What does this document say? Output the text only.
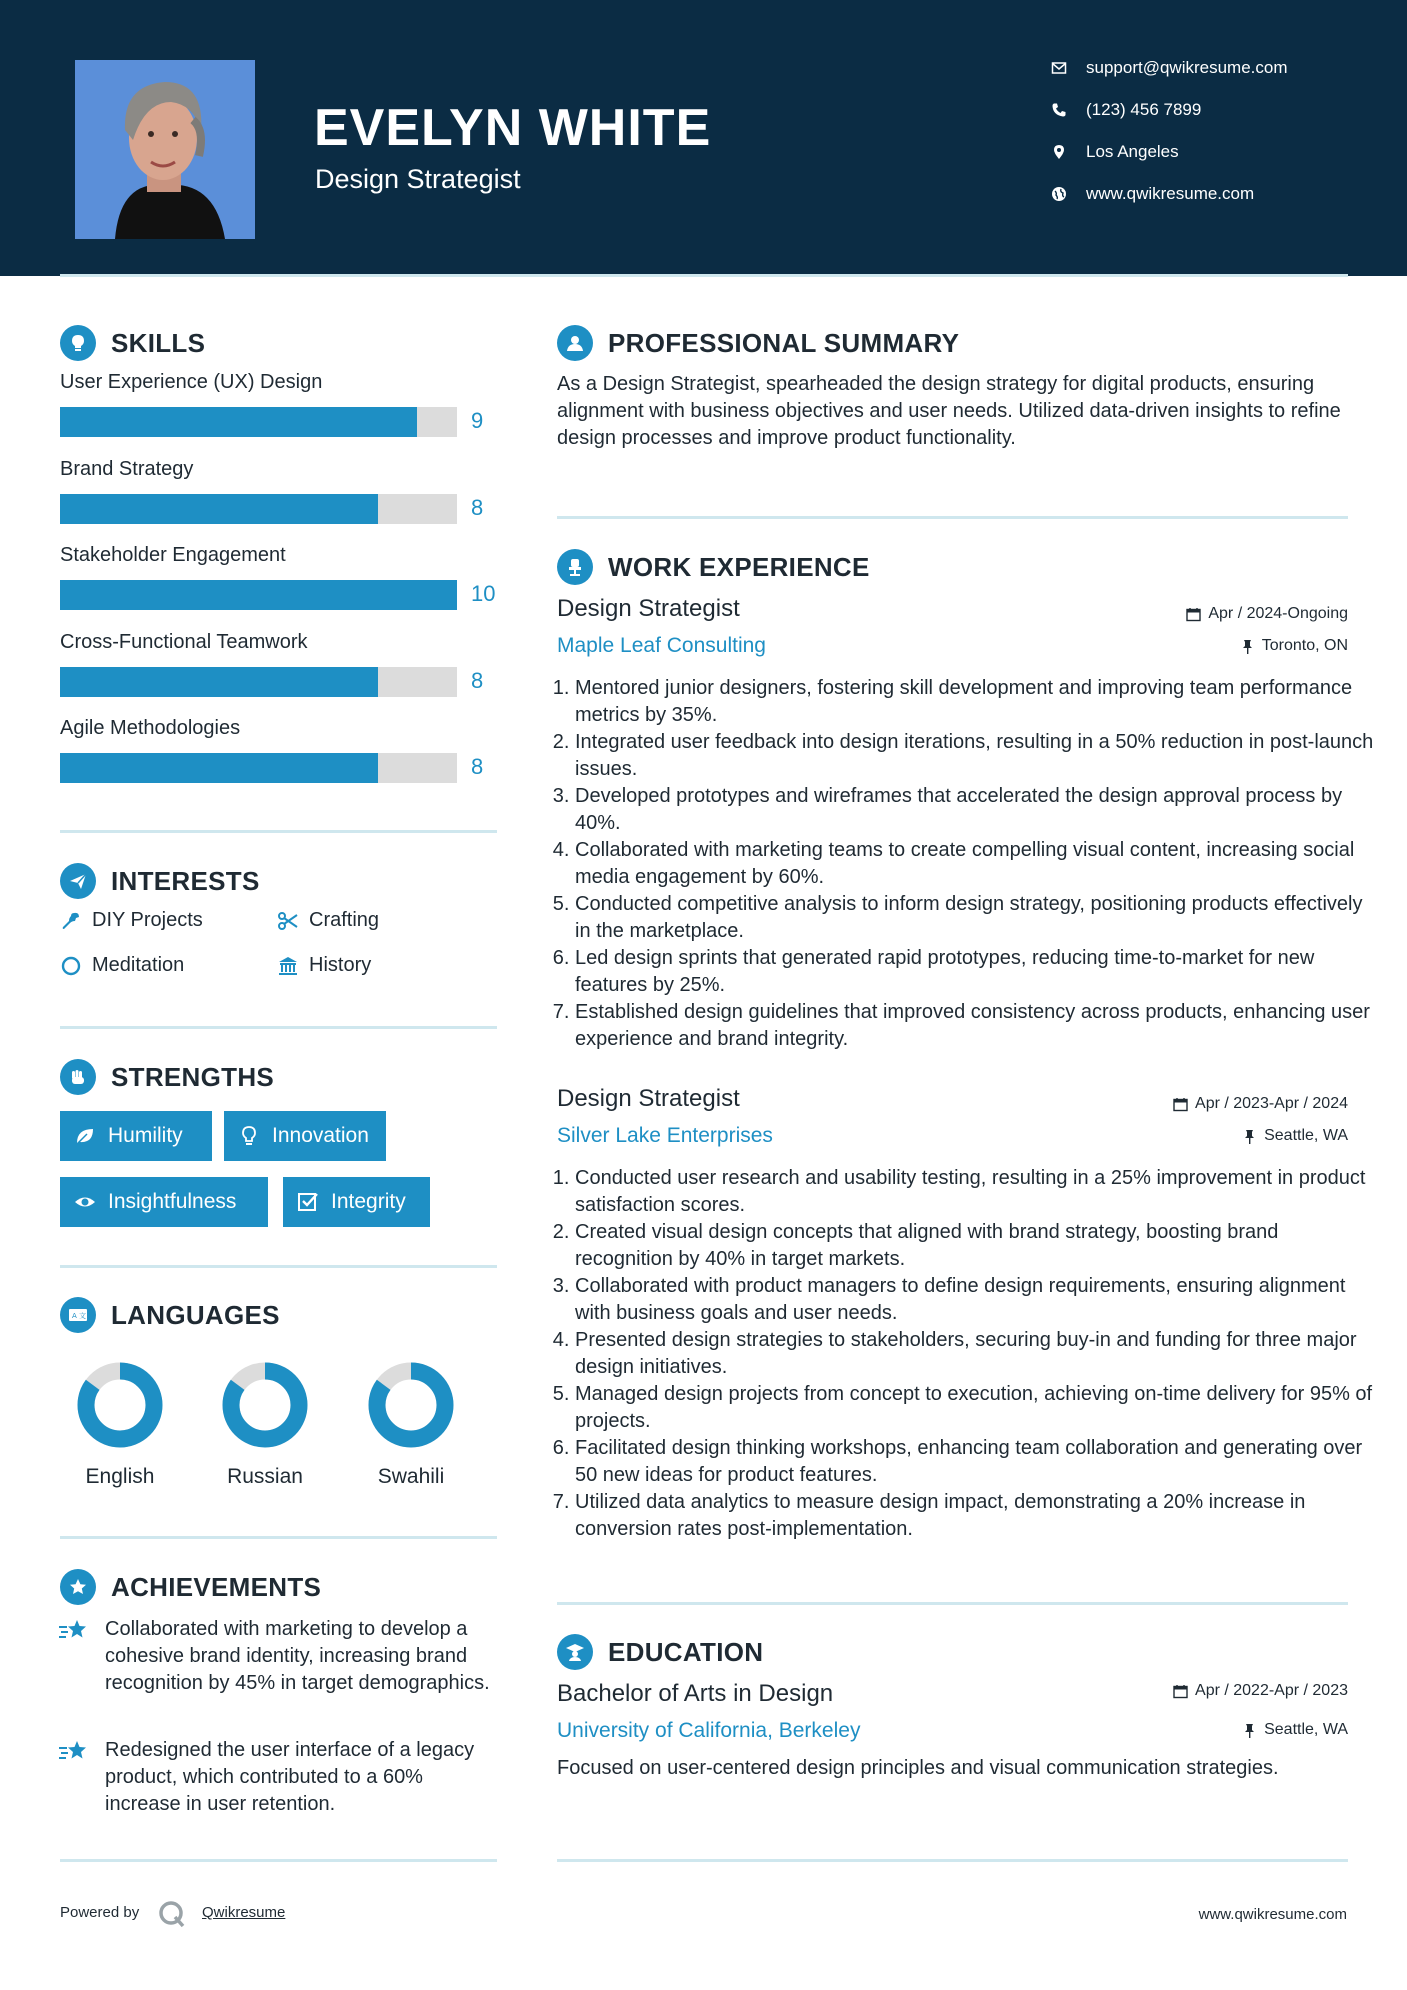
EVELYN WHITE
Design Strategist
support@qwikresume.com
(123) 456 7899
Los Angeles
www.qwikresume.com
SKILLS
User Experience (UX) Design
9
Brand Strategy
8
Stakeholder Engagement
10
Cross-Functional Teamwork
8
Agile Methodologies
8
INTERESTS
DIY Projects	Crafting
Meditation	History
STRENGTHS
Humility	Innovation
Insightfulness	Integrity
A 文 LANGUAGES
English	Russian	Swahili
ACHIEVEMENTS
Collaborated with marketing to develop a cohesive brand identity, increasing brand recognition by 45% in target demographics.
Redesigned the user interface of a legacy product, which contributed to a 60% increase in user retention.
PROFESSIONAL SUMMARY
As a Design Strategist, spearheaded the design strategy for digital products, ensuring alignment with business objectives and user needs. Utilized data-driven insights to refine design processes and improve product functionality.
WORK EXPERIENCE
Design Strategist	Apr / 2024-Ongoing
Maple Leaf Consulting	Toronto, ON
1. Mentored junior designers, fostering skill development and improving team performance metrics by 35%.
2. Integrated user feedback into design iterations, resulting in a 50% reduction in post-launch issues.
3. Developed prototypes and wireframes that accelerated the design approval process by 40%.
4. Collaborated with marketing teams to create compelling visual content, increasing social media engagement by 60%.
5. Conducted competitive analysis to inform design strategy, positioning products effectively in the marketplace.
6. Led design sprints that generated rapid prototypes, reducing time-to-market for new features by 25%.
7. Established design guidelines that improved consistency across products, enhancing user experience and brand integrity.
Design Strategist	Apr / 2023-Apr / 2024
Silver Lake Enterprises	Seattle, WA
1. Conducted user research and usability testing, resulting in a 25% improvement in product satisfaction scores.
2. Created visual design concepts that aligned with brand strategy, boosting brand recognition by 40% in target markets.
3. Collaborated with product managers to define design requirements, ensuring alignment with business goals and user needs.
4. Presented design strategies to stakeholders, securing buy-in and funding for three major design initiatives.
5. Managed design projects from concept to execution, achieving on-time delivery for 95% of projects.
6. Facilitated design thinking workshops, enhancing team collaboration and generating over 50 new ideas for product features.
7. Utilized data analytics to measure design impact, demonstrating a 20% increase in conversion rates post-implementation.
EDUCATION
Bachelor of Arts in Design	Apr / 2022-Apr / 2023
University of California, Berkeley	Seattle, WA
Focused on user-centered design principles and visual communication strategies.
Powered by	Qwikresume	www.qwikresume.com
